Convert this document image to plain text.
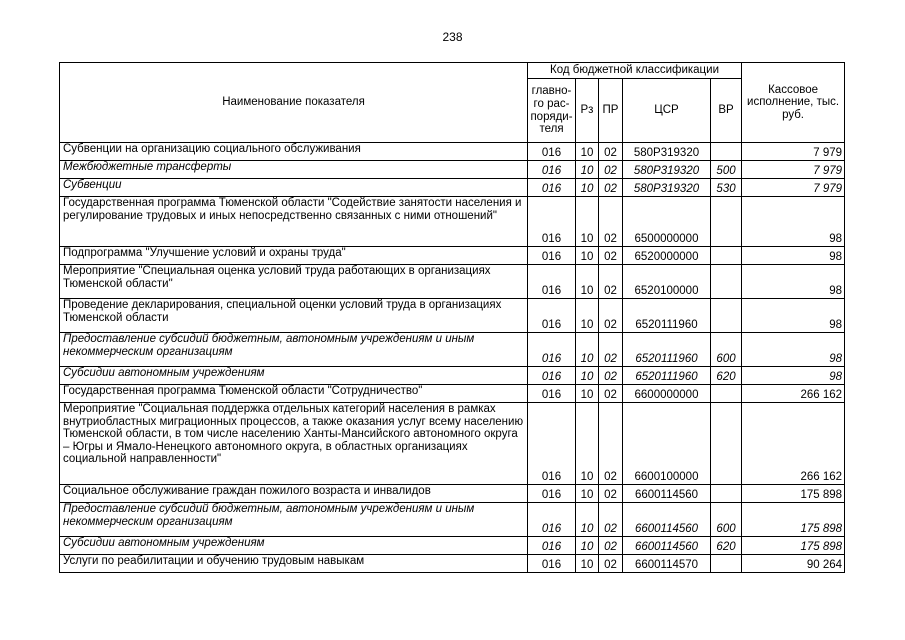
238
Наименование показателя	Код бюджетной классификации					Кассовое исполнение, тыс. руб.
	главно-го рас-поряди-теля	Рз	ПР	ЦСР	ВР	
Субвенции на организацию социального обслуживания	016	10	02	580P319320		7 979
Межбюджетные трансферты	016	10	02	580P319320	500	7 979
Субвенции	016	10	02	580P319320	530	7 979
Государственная программа Тюменской области "Содействие занятости населения и регулирование трудовых и иных непосредственно связанных с ними отношений"	016	10	02	6500000000		98
Подпрограмма "Улучшение условий и охраны труда"	016	10	02	6520000000		98
Мероприятие "Специальная оценка условий труда работающих в организациях Тюменской области"	016	10	02	6520100000		98
Проведение декларирования, специальной оценки условий труда в организациях Тюменской области	016	10	02	6520111960		98
Предоставление субсидий бюджетным, автономным учреждениям и иным некоммерческим организациям	016	10	02	6520111960	600	98
Субсидии автономным учреждениям	016	10	02	6520111960	620	98
Государственная программа Тюменской области "Сотрудничество"	016	10	02	6600000000		266 162
Мероприятие "Социальная поддержка отдельных категорий населения в рамках внутриобластных миграционных процессов, а также оказания услуг всему населению Тюменской области, в том числе населению Ханты-Мансийского автономного округа – Югры и Ямало-Ненецкого автономного округа, в областных организациях социальной направленности"	016	10	02	6600100000		266 162
Социальное обслуживание граждан пожилого возраста и инвалидов	016	10	02	6600114560		175 898
Предоставление субсидий бюджетным, автономным учреждениям и иным некоммерческим организациям	016	10	02	6600114560	600	175 898
Субсидии автономным учреждениям	016	10	02	6600114560	620	175 898
Услуги по реабилитации и обучению трудовым навыкам	016	10	02	6600114570		90 264
